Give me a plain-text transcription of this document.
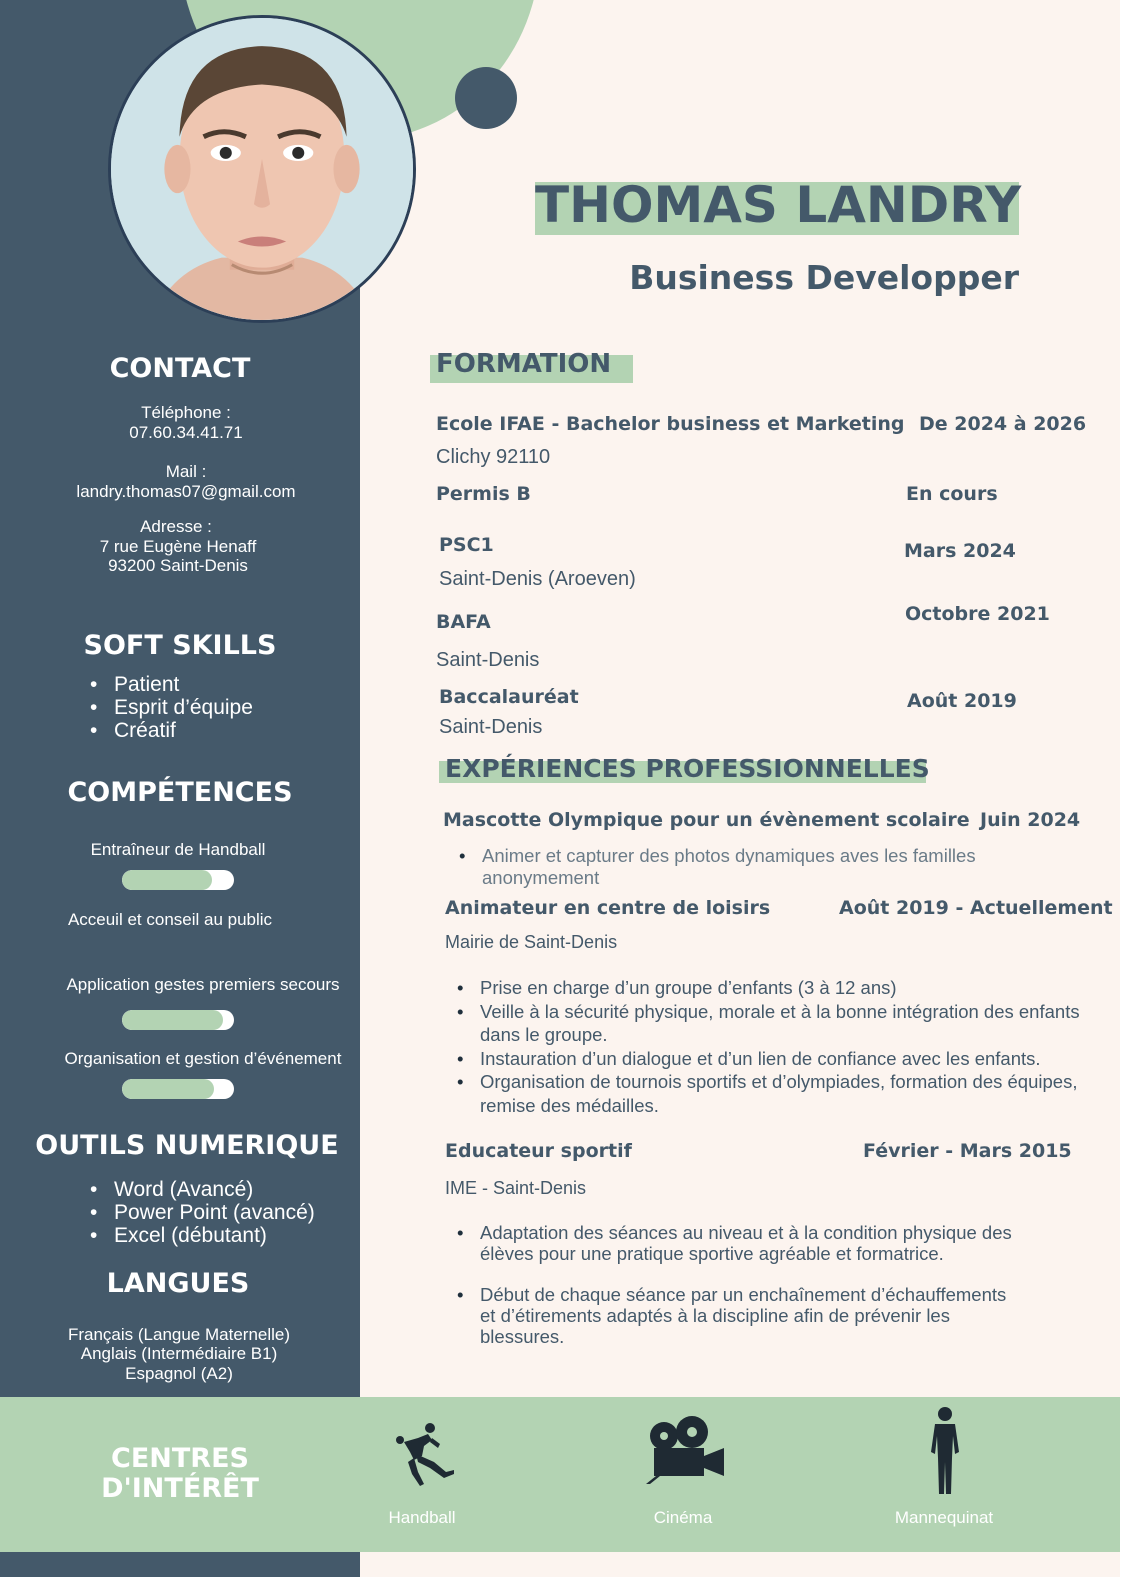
THOMAS LANDRY
Business Developper
CONTACT
Téléphone :
07.60.34.41.71
Mail :
landry.thomas07@gmail.com
Adresse :
7 rue Eugène Henaff
93200 Saint-Denis
SOFT SKILLS
• Patient
• Esprit d’équipe
• Créatif
COMPÉTENCES
Entraîneur de Handball
Acceuil et conseil au public
Application gestes premiers secours
Organisation et gestion d’événement
OUTILS NUMERIQUE
• Word (Avancé)
• Power Point (avancé)
• Excel (débutant)
LANGUES
Français (Langue Maternelle)
Anglais (Intermédiaire B1)
Espagnol (A2)
FORMATION
Ecole IFAE - Bachelor business et Marketing De 2024 à 2026
Clichy 92110
Permis B	En cours
PSC1	Mars 2024
Saint-Denis (Aroeven)
BAFA	Octobre 2021
Saint-Denis
Baccalauréat	Août 2019
Saint-Denis
EXPÉRIENCES PROFESSIONNELLES
Mascotte Olympique pour un évènement scolaire Juin 2024
• Animer et capturer des photos dynamiques aves les familles anonymement
Animateur en centre de loisirs	Août 2019 - Actuellement
Mairie de Saint-Denis
• Prise en charge d’un groupe d’enfants (3 à 12 ans)
• Veille à la sécurité physique, morale et à la bonne intégration des enfants dans le groupe.
• Instauration d’un dialogue et d’un lien de confiance avec les enfants.
• Organisation de tournois sportifs et d’olympiades, formation des équipes, remise des médailles.
Educateur sportif	Février - Mars 2015
IME - Saint-Denis
• Adaptation des séances au niveau et à la condition physique des élèves pour une pratique sportive agréable et formatrice.
• Début de chaque séance par un enchaînement d’échauffements et d’étirements adaptés à la discipline afin de prévenir les blessures.
CENTRES
D'INTÉRÊT
Handball	Cinéma	Mannequinat
